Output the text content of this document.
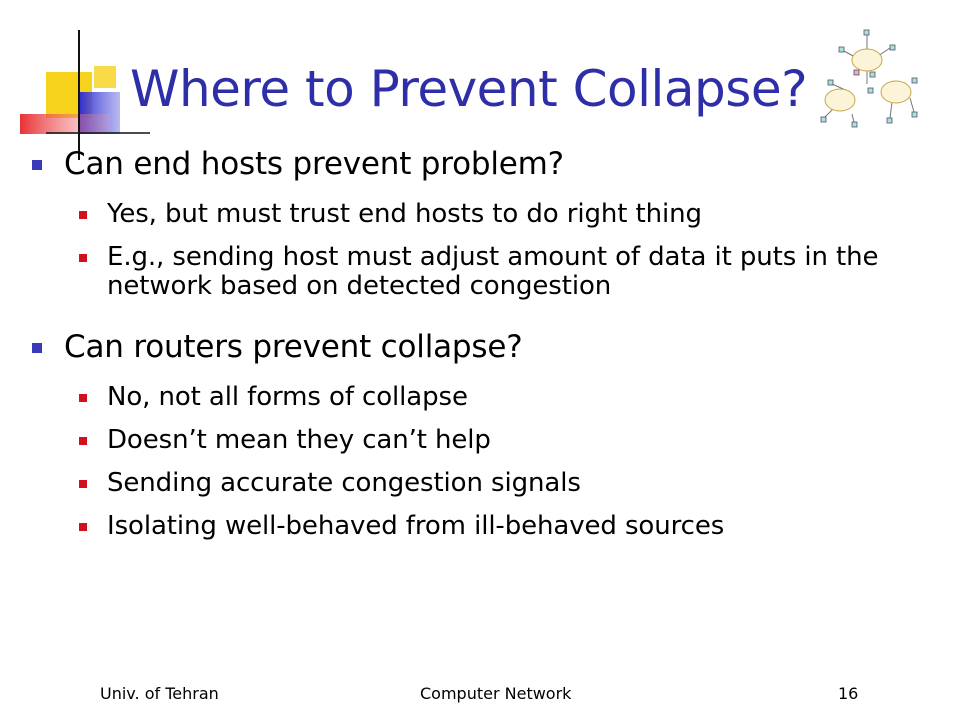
Where to Prevent Collapse?
Can end hosts prevent problem?
Yes, but must trust end hosts to do right thing
E.g., sending host must adjust amount of data it puts in the network based on detected congestion
Can routers prevent collapse?
No, not all forms of collapse
Doesn’t mean they can’t help
Sending accurate congestion signals
Isolating well-behaved from ill-behaved sources
Univ. of Tehran	Computer Network	16
